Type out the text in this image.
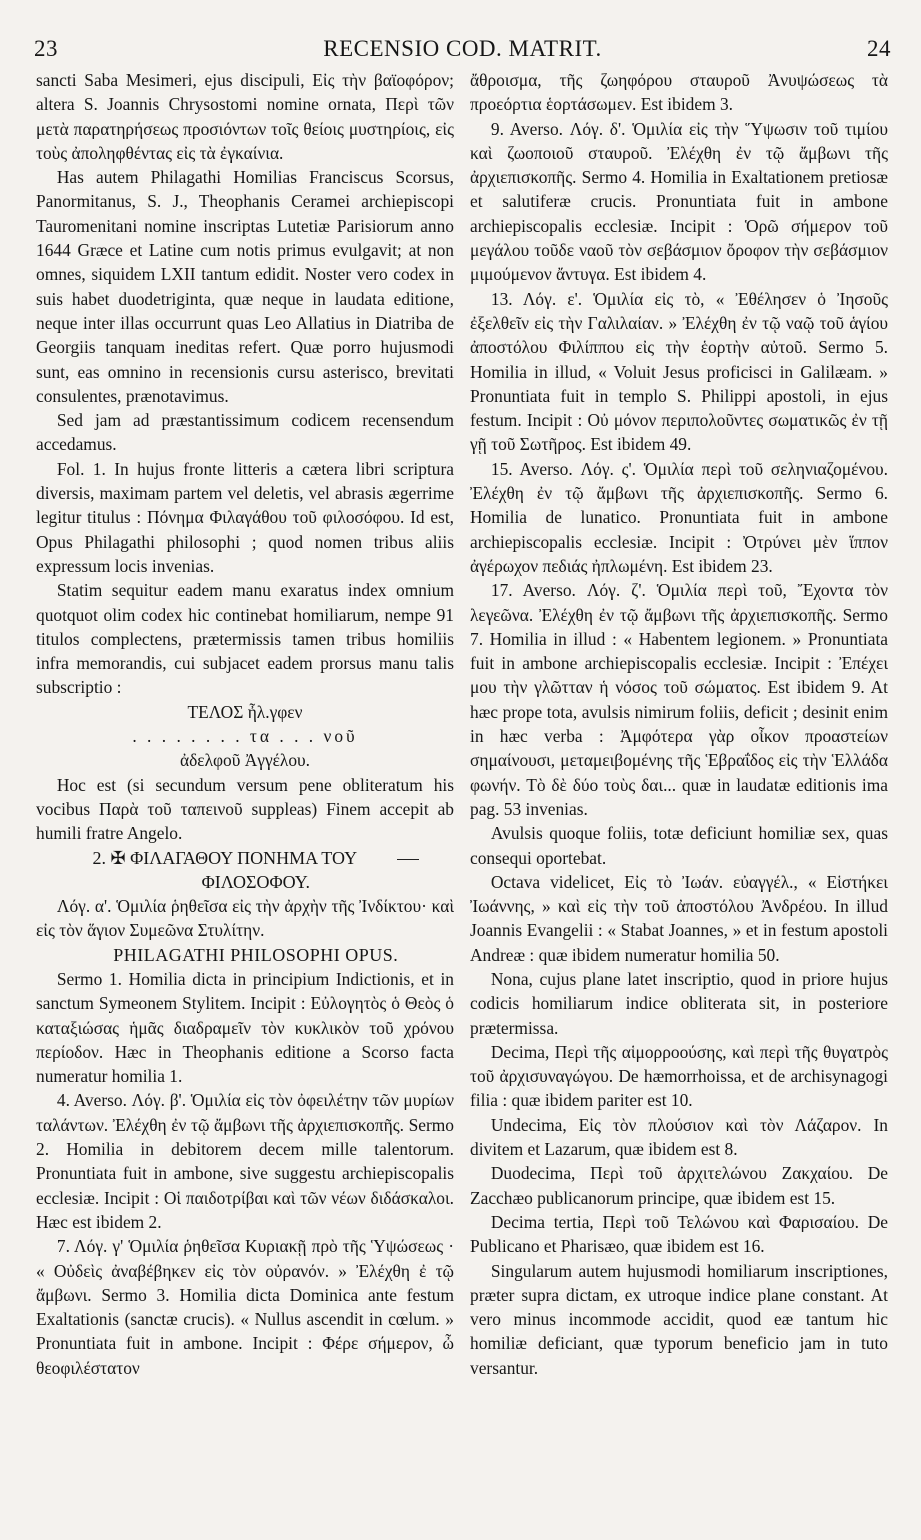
23	RECENSIO COD. MATRIT.	24

sancti Saba Mesimeri, ejus discipuli, Εἰς τὴν βαϊοφόρον; altera S. Joannis Chrysostomi nomine ornata, Περὶ τῶν μετὰ παρατηρήσεως προσιόντων τοῖς θείοις μυστηρίοις, εἰς τοὺς ἀποληφθέντας εἰς τὰ ἐγκαίνια.

Has autem Philagathi Homilias Franciscus Scorsus, Panormitanus, S. J., Theophanis Ceramei archiepiscopi Tauromenitani nomine inscriptas Lutetiæ Parisiorum anno 1644 Græce et Latine cum notis primus evulgavit; at non omnes, siquidem LXII tantum edidit. Noster vero codex in suis habet duodetriginta, quæ neque in laudata editione, neque inter illas occurrunt quas Leo Allatius in Diatriba de Georgiis tanquam ineditas refert. Quæ porro hujusmodi sunt, eas omnino in recensionis cursu asterisco, brevitati consulentes, prænotavimus.

Sed jam ad præstantissimum codicem recensendum accedamus.

Fol. 1. In hujus fronte litteris a cætera libri scriptura diversis, maximam partem vel deletis, vel abrasis ægerrime legitur titulus : Πόνημα Φιλαγάθου τοῦ φιλοσόφου. Id est, Opus Philagathi philosophi ; quod nomen tribus aliis expressum locis invenias.

Statim sequitur eadem manu exaratus index omnium quotquot olim codex hic continebat homiliarum, nempe 91 titulos complectens, prætermissis tamen tribus homiliis infra memorandis, cui subjacet eadem prorsus manu talis subscriptio :

ΤΕΛΟΣ ἦλ.γφεν

. . . . . . . . τα . . . νοῦ

ἀδελφοῦ Ἀγγέλου.

Hoc est (si secundum versum pene obliteratum his vocibus Παρὰ τοῦ ταπεινοῦ suppleas) Finem accepit ab humili fratre Angelo.

2. ✠ ΦΙΛΑΓΑΘΟΥ ΠΟΝΗΜΑ ΤΟΥ

ΦΙΛΟΣΟΦΟΥ.

Λόγ. α'. Ὁμιλία ῥηθεῖσα εἰς τὴν ἀρχὴν τῆς Ἰνδίκτου· καὶ εἰς τὸν ἅγιον Συμεῶνα Στυλίτην.

PHILAGATHI PHILOSOPHI OPUS.

Sermo 1. Homilia dicta in principium Indictionis, et in sanctum Symeonem Stylitem. Incipit : Εὐλογητὸς ὁ Θεὸς ὁ καταξιώσας ἡμᾶς διαδραμεῖν τὸν κυκλικὸν τοῦ χρόνου περίοδον. Hæc in Theophanis editione a Scorso facta numeratur homilia 1.

4. Averso. Λόγ. β'. Ὁμιλία εἰς τὸν ὀφειλέτην τῶν μυρίων ταλάντων. Ἐλέχθη ἐν τῷ ἄμβωνι τῆς ἀρχιεπισκοπῆς. Sermo 2. Homilia in debitorem decem mille talentorum. Pronuntiata fuit in ambone, sive suggestu archiepiscopalis ecclesiæ. Incipit : Οἱ παιδοτρίβαι καὶ τῶν νέων διδάσκαλοι. Hæc est ibidem 2.

7. Λόγ. γ' Ὁμιλία ῥηθεῖσα Κυριακῇ πρὸ τῆς Ὑψώσεως · « Οὐδεὶς ἀναβέβηκεν εἰς τὸν οὐρανόν. » Ἐλέχθη ἐ τῷ ἄμβωνι. Sermo 3. Homilia dicta Dominica ante festum Exaltationis (sanctæ crucis). « Nullus ascendit in cœlum. » Pronuntiata fuit in ambone. Incipit : Φέρε σήμερον, ὦ θεοφιλέστατον

ἄθροισμα, τῆς ζωηφόρου σταυροῦ Ἀνυψώσεως τὰ προεόρτια ἑορτάσωμεν. Est ibidem 3.

9. Averso. Λόγ. δ'. Ὁμιλία εἰς τὴν Ὕψωσιν τοῦ τιμίου καὶ ζωοποιοῦ σταυροῦ. Ἐλέχθη ἐν τῷ ἄμβωνι τῆς ἀρχιεπισκοπῆς. Sermo 4. Homilia in Exaltationem pretiosæ et salutiferæ crucis. Pronuntiata fuit in ambone archiepiscopalis ecclesiæ. Incipit : Ὁρῶ σήμερον τοῦ μεγάλου τοῦδε ναοῦ τὸν σεβάσμιον ὄροφον τὴν σεβάσμιον μιμούμενον ἄντυγα. Est ibidem 4.

13. Λόγ. ε'. Ὁμιλία εἰς τὸ, « Ἐθέλησεν ὁ Ἰησοῦς ἐξελθεῖν εἰς τὴν Γαλιλαίαν. » Ἐλέχθη ἐν τῷ ναῷ τοῦ ἁγίου ἀποστόλου Φιλίππου εἰς τὴν ἑορτὴν αὐτοῦ. Sermo 5. Homilia in illud, « Voluit Jesus proficisci in Galilæam. » Pronuntiata fuit in templo S. Philippi apostoli, in ejus festum. Incipit : Οὐ μόνον περιπολοῦντες σωματικῶς ἐν τῇ γῇ τοῦ Σωτῆρος. Est ibidem 49.

15. Averso. Λόγ. ς'. Ὁμιλία περὶ τοῦ σεληνιαζομένου. Ἐλέχθη ἐν τῷ ἄμβωνι τῆς ἀρχιεπισκοπῆς. Sermo 6. Homilia de lunatico. Pronuntiata fuit in ambone archiepiscopalis ecclesiæ. Incipit : Ὀτρύνει μὲν ἵππον ἀγέρωχον πεδιάς ἠπλωμένη. Est ibidem 23.

17. Averso. Λόγ. ζ'. Ὁμιλία περὶ τοῦ, Ἔχοντα τὸν λεγεῶνα. Ἐλέχθη ἐν τῷ ἄμβωνι τῆς ἀρχιεπισκοπῆς. Sermo 7. Homilia in illud : « Habentem legionem. » Pronuntiata fuit in ambone archiepiscopalis ecclesiæ. Incipit : Ἐπέχει μου τὴν γλῶτταν ἡ νόσος τοῦ σώματος. Est ibidem 9. At hæc prope tota, avulsis nimirum foliis, deficit ; desinit enim in hæc verba : Ἀμφότερα γὰρ οἶκον προαστείων σημαίνουσι, μεταμειβομένης τῆς Ἑβραΐδος εἰς τὴν Ἑλλάδα φωνήν. Τὸ δὲ δύο τοὺς δαι... quæ in laudatæ editionis ima pag. 53 invenias.

Avulsis quoque foliis, totæ deficiunt homiliæ sex, quas consequi oportebat.

Octava videlicet, Εἰς τὸ Ἰωάν. εὐαγγέλ., « Εἱστήκει Ἰωάννης, » καὶ εἰς τὴν τοῦ ἀποστόλου Ἀνδρέου. In illud Joannis Evangelii : « Stabat Joannes, » et in festum apostoli Andreæ : quæ ibidem numeratur homilia 50.

Nona, cujus plane latet inscriptio, quod in priore hujus codicis homiliarum indice obliterata sit, in posteriore prætermissa.

Decima, Περὶ τῆς αἱμορροούσης, καὶ περὶ τῆς θυγατρὸς τοῦ ἀρχισυναγώγου. De hæmorrhoissa, et de archisynagogi filia : quæ ibidem pariter est 10.

Undecima, Εἰς τὸν πλούσιον καὶ τὸν Λάζαρον. In divitem et Lazarum, quæ ibidem est 8.

Duodecima, Περὶ τοῦ ἀρχιτελώνου Ζακχαίου. De Zacchæo publicanorum principe, quæ ibidem est 15.

Decima tertia, Περὶ τοῦ Τελώνου καὶ Φαρισαίου. De Publicano et Pharisæo, quæ ibidem est 16.

Singularum autem hujusmodi homiliarum inscriptiones, præter supra dictam, ex utroque indice plane constant. At vero minus incommode accidit, quod eæ tantum hic homiliæ deficiant, quæ typorum beneficio jam in tuto versantur.
